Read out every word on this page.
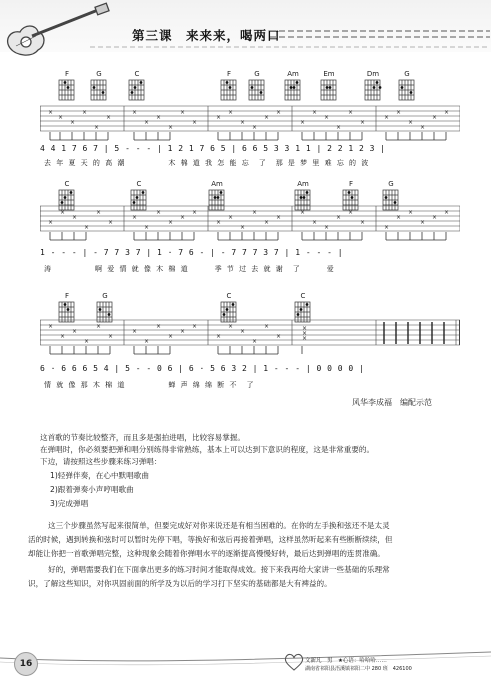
第三课　来来来，喝两口
F	G	C	F	G	Am	Em	Dm	G
×
×
×
×
×
×
×
×
×
×
×
×
×
×
×
×
×
×
×
×
×
×
×
×
×
×
×
×
×
×
4 4 1 7 6 7 | 5 - - - | 1 2 1 7 6 5 | 6 6 5 3 3 1 1 | 2 2 1 2 3 |
去 年 夏 天 的 高 潮　　　　　木 棉 道 我 怎 能 忘　了　那 是 梦 里 难 忘 的 波
C	C	Am	Am	F	G
×
×
×
×
×
×
×
×
×
×
×
×
×
×
×
×
×
×
×
×
×
×
×
×
×
×
×
×
×
×
1 - - - | - 7 7 3 7 | 1 · 7 6 - | - 7 7 7 3 7 | 1 - - - |
涛　　　　　啊 爱 情 就 像 木 棉 道　　　季 节 过 去 就 谢　了　　　爱
F	G	C	C
×
×
×
×
×
×
×
×
×
×
×
×
×
×
×
×
×
×
×
×
×
6 · 6 6 6 5 4 | 5 - - 0 6 | 6 · 5 6 3 2 | 1 - - - | 0 0 0 0 |
情 就 像 那 木 棉 道　　　　　蝉 声 绵 绵 断 不　了
风华李成福　编配示范
这首歌的节奏比较整齐，而且多是强拍进唱，比较容易掌握。
在弹唱时，你必须要把弹和唱分别练得非常熟练，基本上可以达到下意识的程度，这是非常重要的。
下边，请按照这些步骤来练习弹唱：
1)轻弹伴奏，在心中默唱歌曲
2)跟着弹奏小声哼唱歌曲
3)完成弹唱
这三个步骤虽然写起来很简单，但要完成好对你来说还是有相当困难的。在你的左手换和弦还不是太灵
活的时候，遇到转换和弦时可以暂时先停下唱，等换好和弦后再接着弹唱，这样虽然听起来有些断断续续，但
却能让你把一首歌弹唱完整，这种现象会随着你弹唱水平的逐渐提高慢慢好转，最后达到弹唱的连贯准确。
好的，弹唱需要我们在下面拿出更多的练习时间才能取得成效。接下来我再给大家讲一些基础的乐理常
识，了解这些知识，对你巩固前面的所学及为以后的学习打下坚实的基础都是大有裨益的。
16	文新凡　男　★心语：哈哈哈……
湖南省祁阳县浯溪镇祁阳二中 280 班　426100
